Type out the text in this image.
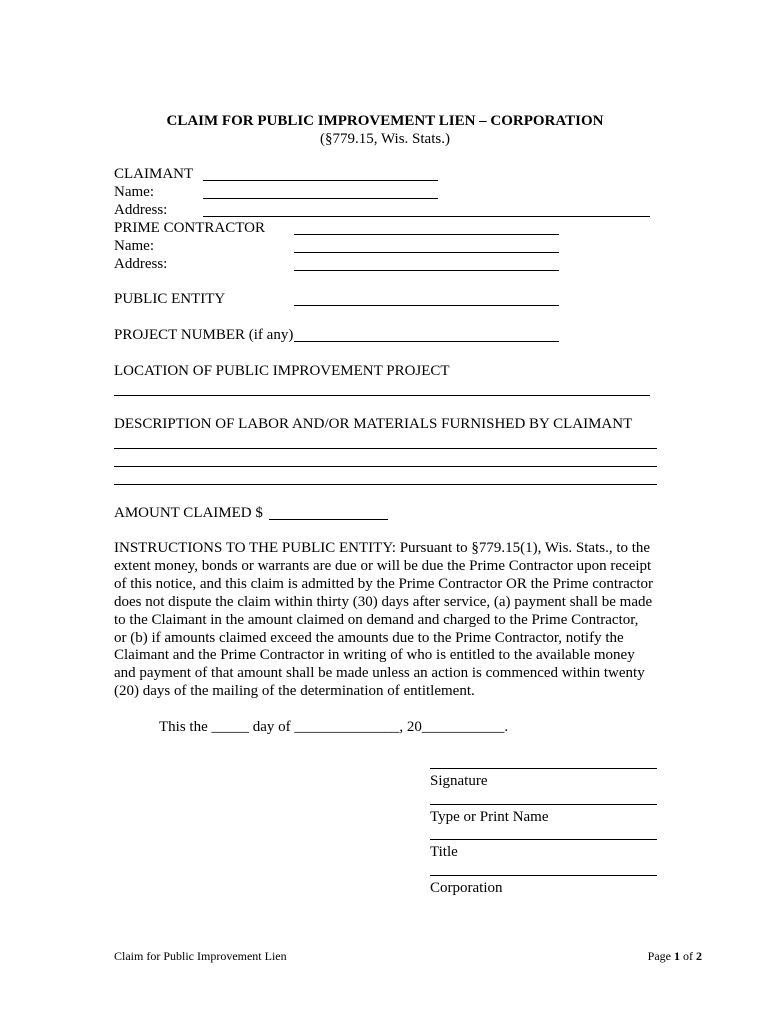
CLAIM FOR PUBLIC IMPROVEMENT LIEN – CORPORATION
(§779.15, Wis. Stats.)
CLAIMANT
Name:
Address:
PRIME CONTRACTOR
Name:
Address:
PUBLIC ENTITY
PROJECT NUMBER (if any)
LOCATION OF PUBLIC IMPROVEMENT PROJECT
DESCRIPTION OF LABOR AND/OR MATERIALS FURNISHED BY CLAIMANT
AMOUNT CLAIMED $
INSTRUCTIONS TO THE PUBLIC ENTITY: Pursuant to §779.15(1), Wis. Stats., to the
extent money, bonds or warrants are due or will be due the Prime Contractor upon receipt
of this notice, and this claim is admitted by the Prime Contractor OR the Prime contractor
does not dispute the claim within thirty (30) days after service, (a) payment shall be made
to the Claimant in the amount claimed on demand and charged to the Prime Contractor,
or (b) if amounts claimed exceed the amounts due to the Prime Contractor, notify the
Claimant and the Prime Contractor in writing of who is entitled to the available money
and payment of that amount shall be made unless an action is commenced within twenty
(20) days of the mailing of the determination of entitlement.
This the _____ day of ______________, 20___________.
Signature
Type or Print Name
Title
Corporation
Claim for Public Improvement Lien	Page 1 of 2
